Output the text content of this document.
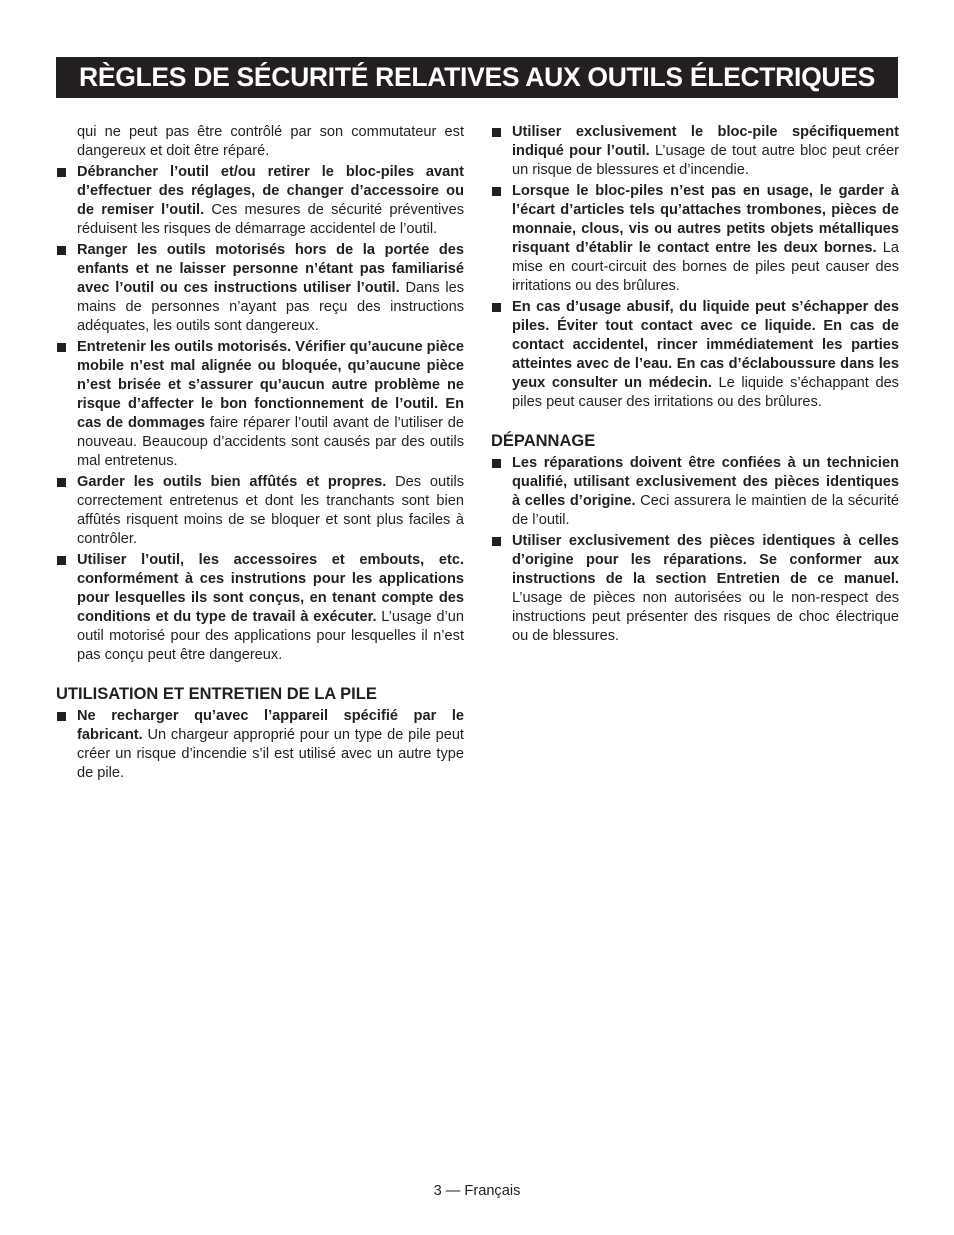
RÈGLES DE SÉCURITÉ RELATIVES AUX OUTILS ÉLECTRIQUES

qui ne peut pas être contrôlé par son commutateur est dangereux et doit être réparé.

Débrancher l’outil et/ou retirer le bloc-piles avant d’effectuer des réglages, de changer d’accessoire ou de remiser l’outil. Ces mesures de sécurité préventives réduisent les risques de démarrage accidentel de l’outil.
Ranger les outils motorisés hors de la portée des enfants et ne laisser personne n’étant pas familiarisé avec l’outil ou ces instructions utiliser l’outil. Dans les mains de personnes n’ayant pas reçu des instructions adéquates, les outils sont dangereux.
Entretenir les outils motorisés. Vérifier qu’aucune pièce mobile n’est mal alignée ou bloquée, qu’aucune pièce n’est brisée et s’assurer qu’aucun autre problème ne risque d’affecter le bon fonctionnement de l’outil. En cas de dommages faire réparer l’outil avant de l’utiliser de nouveau. Beaucoup d’accidents sont causés par des outils mal entretenus.
Garder les outils bien affûtés et propres. Des outils correctement entretenus et dont les tranchants sont bien affûtés risquent moins de se bloquer et sont plus faciles à contrôler.
Utiliser l’outil, les accessoires et embouts, etc. conformément à ces instrutions pour les applications pour lesquelles ils sont conçus, en tenant compte des conditions et du type de travail à exécuter. L’usage d’un outil motorisé pour des applications pour lesquelles il n’est pas conçu peut être dangereux.
UTILISATION ET ENTRETIEN DE LA PILE
Ne recharger qu’avec l’appareil spécifié par le fabricant. Un chargeur approprié pour un type de pile peut créer un risque d’incendie s’il est utilisé avec un autre type de pile.
Utiliser exclusivement le bloc-pile spécifiquement indiqué pour l’outil. L’usage de tout autre bloc peut créer un risque de blessures et d’incendie.
Lorsque le bloc-piles n’est pas en usage, le garder à l’écart d’articles tels qu’attaches trombones, pièces de monnaie, clous, vis ou autres petits objets métalliques risquant d’établir le contact entre les deux bornes. La mise en court-circuit des bornes de piles peut causer des irritations ou des brûlures.
En cas d’usage abusif, du liquide peut s’échapper des piles. Éviter tout contact avec ce liquide. En cas de contact accidentel, rincer immédiatement les parties atteintes avec de l’eau. En cas d’éclaboussure dans les yeux consulter un médecin. Le liquide s’échappant des piles peut causer des irritations ou des brûlures.
DÉPANNAGE
Les réparations doivent être confiées à un technicien qualifié, utilisant exclusivement des pièces identiques à celles d’origine. Ceci assurera le maintien de la sécurité de l’outil.
Utiliser exclusivement des pièces identiques à celles d’origine pour les réparations. Se conformer aux instructions de la section Entretien de ce manuel. L’usage de pièces non autorisées ou le non-respect des instructions peut présenter des risques de choc électrique ou de blessures.
3 — Français
